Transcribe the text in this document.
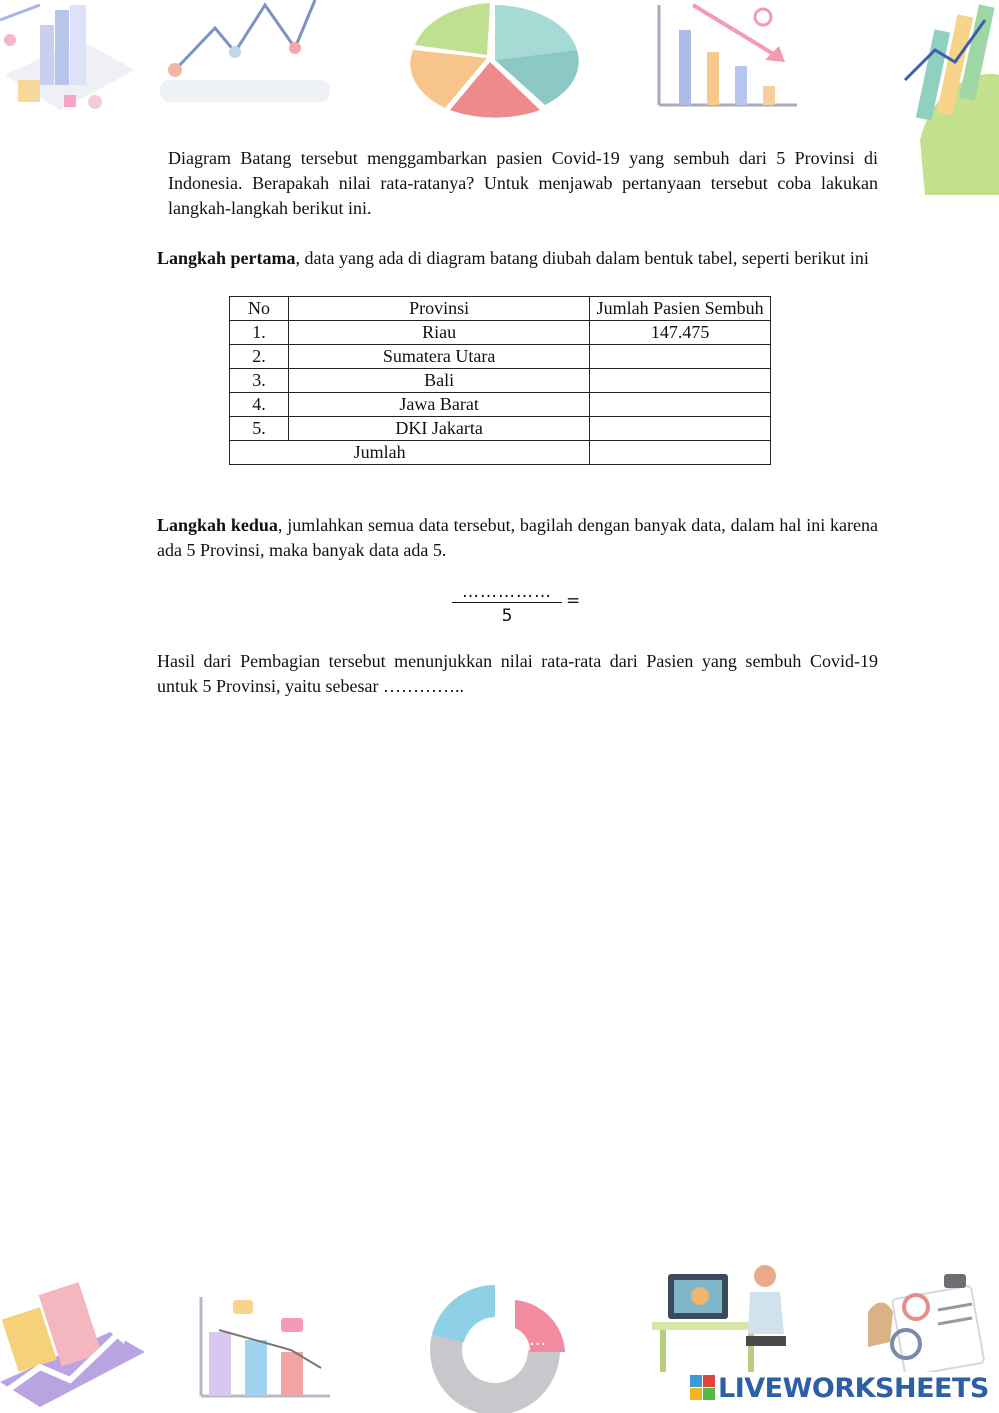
Diagram Batang tersebut menggambarkan pasien Covid-19 yang sembuh dari 5 Provinsi di Indonesia. Berapakah nilai rata-ratanya? Untuk menjawab pertanyaan tersebut coba lakukan langkah-langkah berikut ini.

Langkah pertama, data yang ada di diagram batang diubah dalam bentuk tabel, seperti berikut ini

No	Provinsi	Jumlah Pasien Sembuh
1.	Riau	147.475
2.	Sumatera Utara	
3.	Bali	
4.	Jawa Barat	
5.	DKI Jakarta	
Jumlah		

Langkah kedua, jumlahkan semua data tersebut, bagilah dengan banyak data, dalam hal ini karena ada 5 Provinsi, maka banyak data ada 5.

……………
5
=

Hasil dari Pembagian tersebut menunjukkan nilai rata-rata dari Pasien yang sembuh Covid-19 untuk 5 Provinsi, yaitu sebesar …………..

...
LIVEWORKSHEETS
